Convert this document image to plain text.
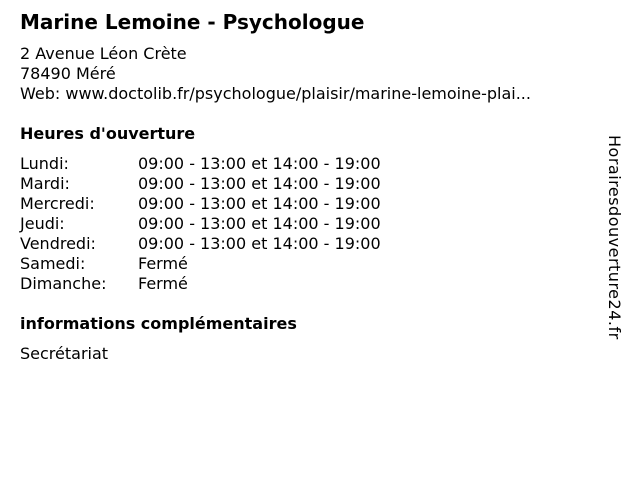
Marine Lemoine - Psychologue
2 Avenue Léon Crète
78490 Méré
Web: www.doctolib.fr/psychologue/plaisir/marine-lemoine-plai...
Heures d'ouverture
Lundi:	09:00 - 13:00 et 14:00 - 19:00
Mardi:	09:00 - 13:00 et 14:00 - 19:00
Mercredi:	09:00 - 13:00 et 14:00 - 19:00
Jeudi:	09:00 - 13:00 et 14:00 - 19:00
Vendredi:	09:00 - 13:00 et 14:00 - 19:00
Samedi:	Fermé
Dimanche:	Fermé
informations complémentaires
Secrétariat
Horairesdouverture24.fr
